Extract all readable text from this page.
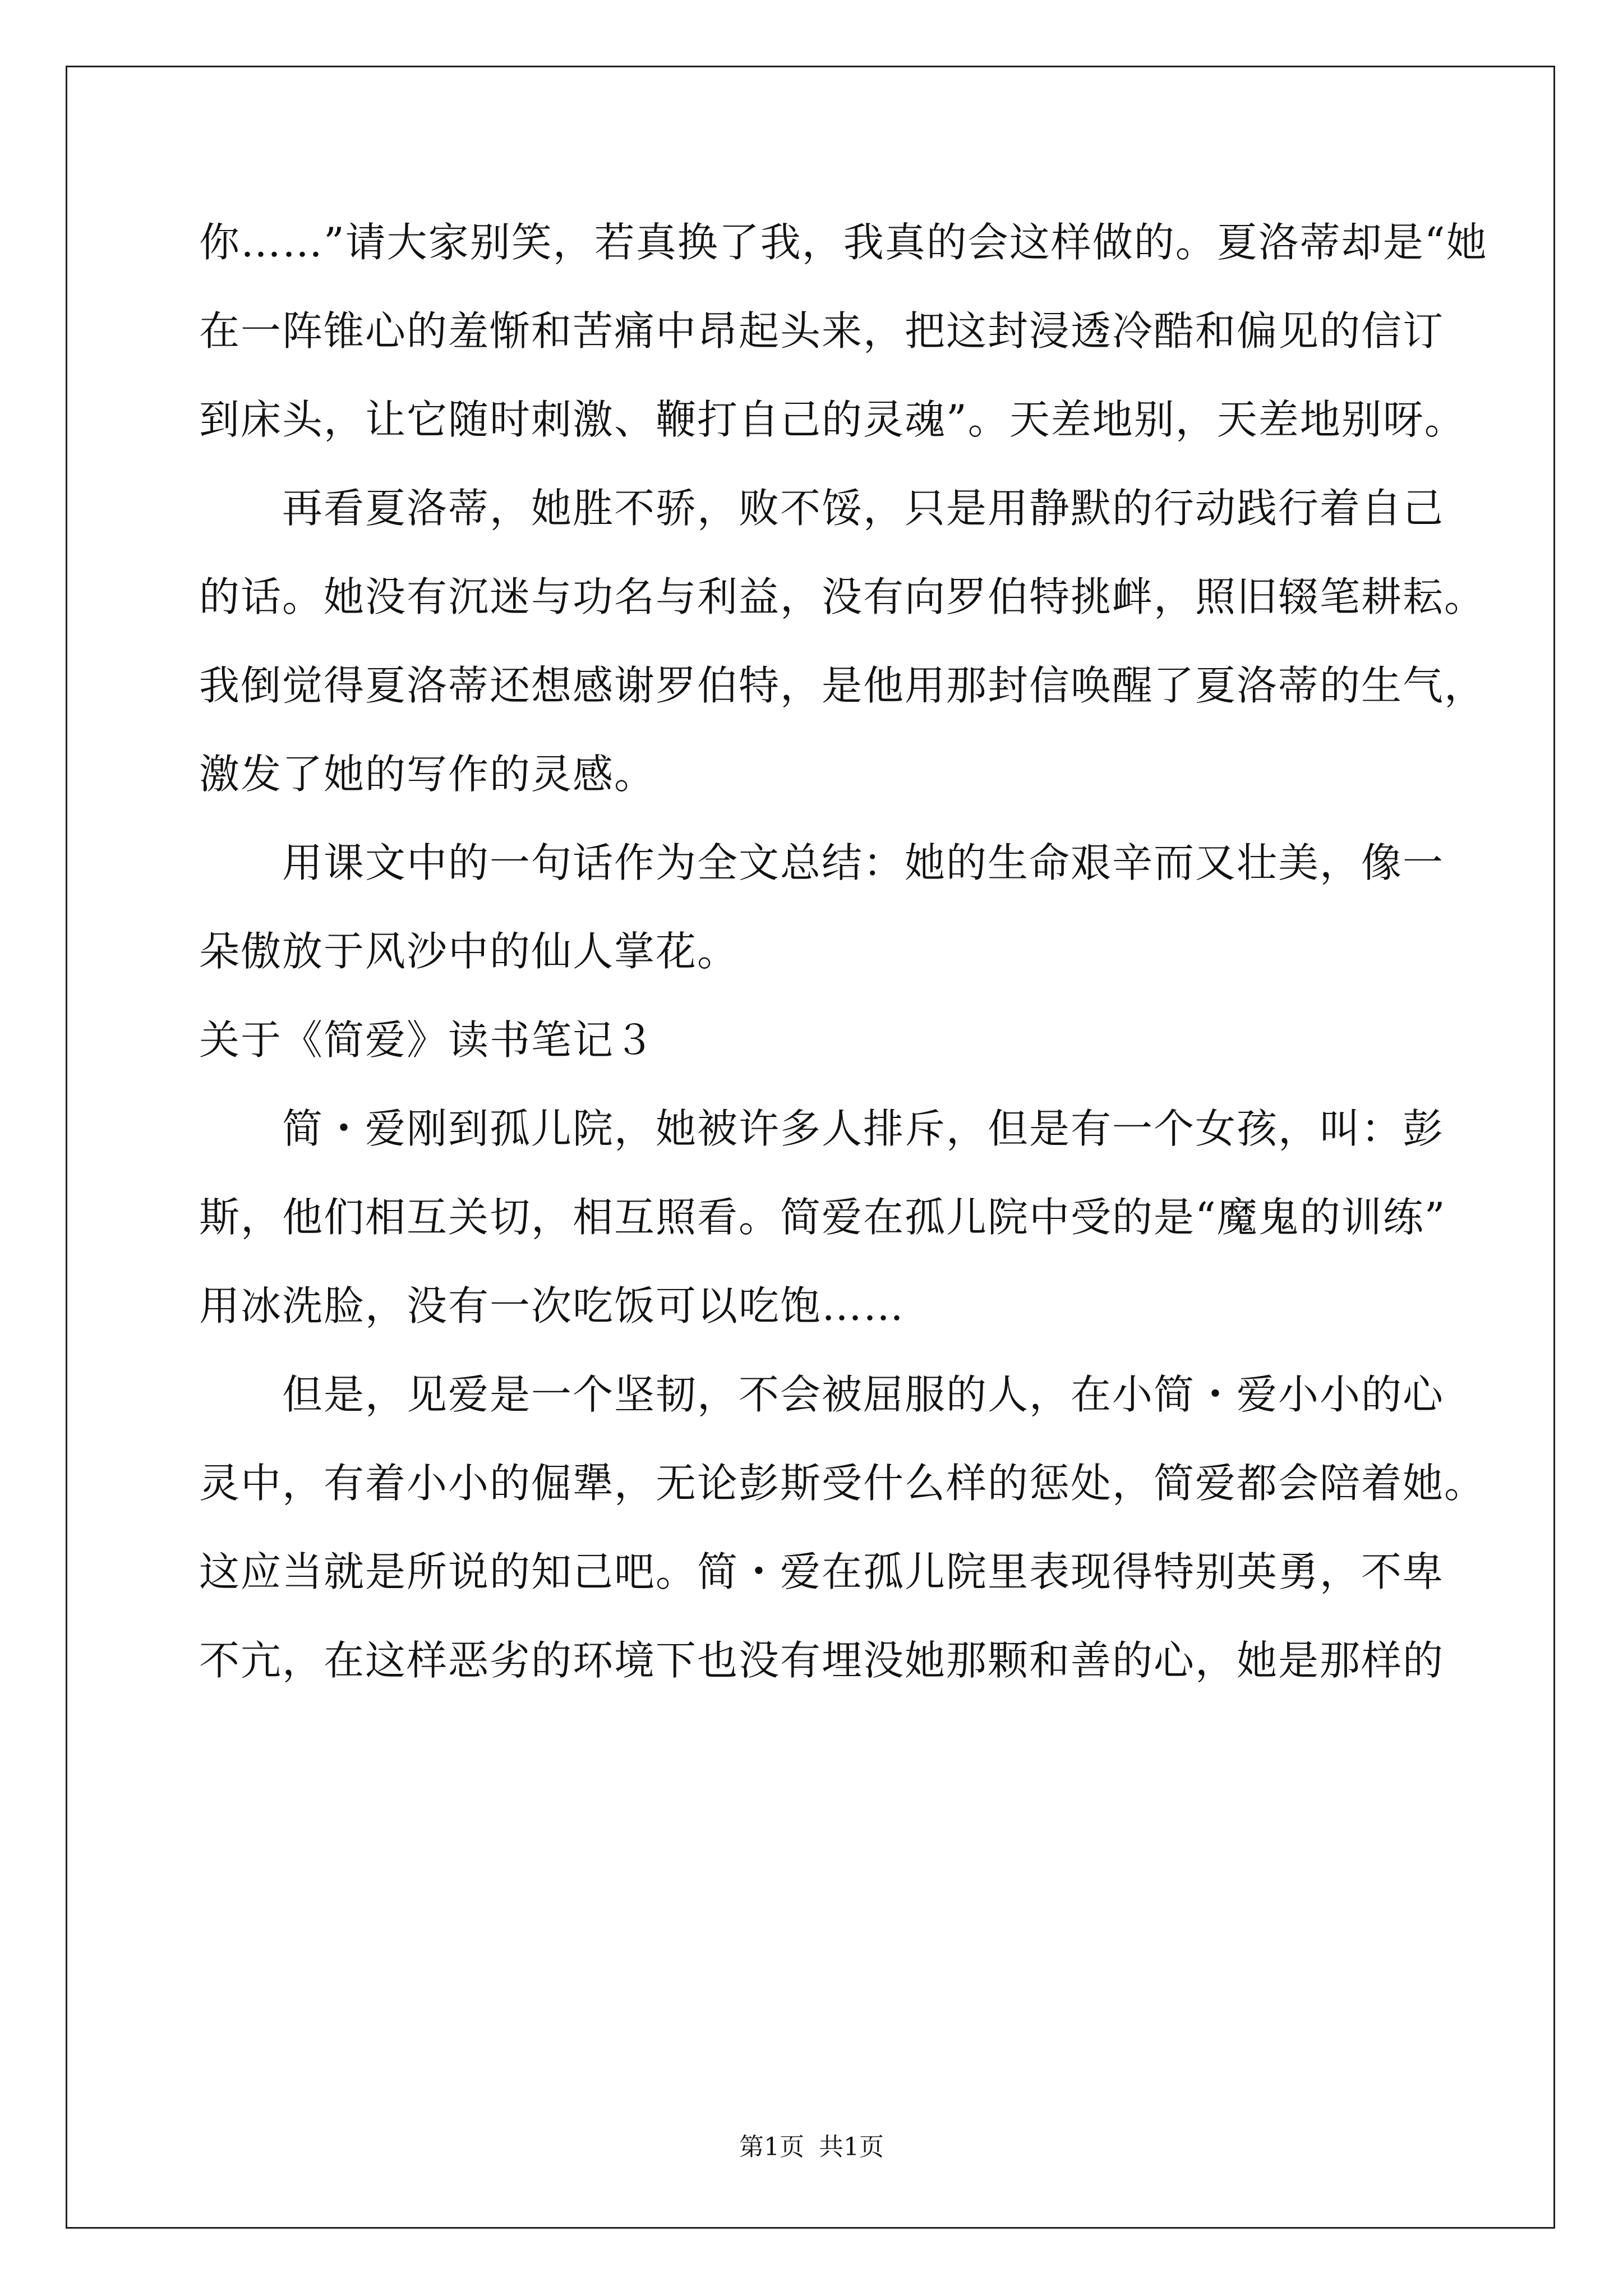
你……”请大家别笑，若真换了我，我真的会这样做的。夏洛蒂却是“她
在一阵锥心的羞惭和苦痛中昂起头来，把这封浸透冷酷和偏见的信订
到床头，让它随时刺激、鞭打自己的灵魂”。天差地别，天差地别呀。
再看夏洛蒂，她胜不骄，败不馁，只是用静默的行动践行着自己
的话。她没有沉迷与功名与利益，没有向罗伯特挑衅，照旧辍笔耕耘。
我倒觉得夏洛蒂还想感谢罗伯特，是他用那封信唤醒了夏洛蒂的生气，
激发了她的写作的灵感。
用课文中的一句话作为全文总结：她的生命艰辛而又壮美，像一
朵傲放于风沙中的仙人掌花。
关于《简爱》读书笔记３
简・爱刚到孤儿院，她被许多人排斥，但是有一个女孩，叫：彭
斯，他们相互关切，相互照看。简爱在孤儿院中受的是“魔鬼的训练”
用冰洗脸，没有一次吃饭可以吃饱……
但是，见爱是一个坚韧，不会被屈服的人，在小简・爱小小的心
灵中，有着小小的倔犟，无论彭斯受什么样的惩处，简爱都会陪着她。
这应当就是所说的知己吧。简・爱在孤儿院里表现得特别英勇，不卑
不亢，在这样恶劣的环境下也没有埋没她那颗和善的心，她是那样的
第1页 共1页
